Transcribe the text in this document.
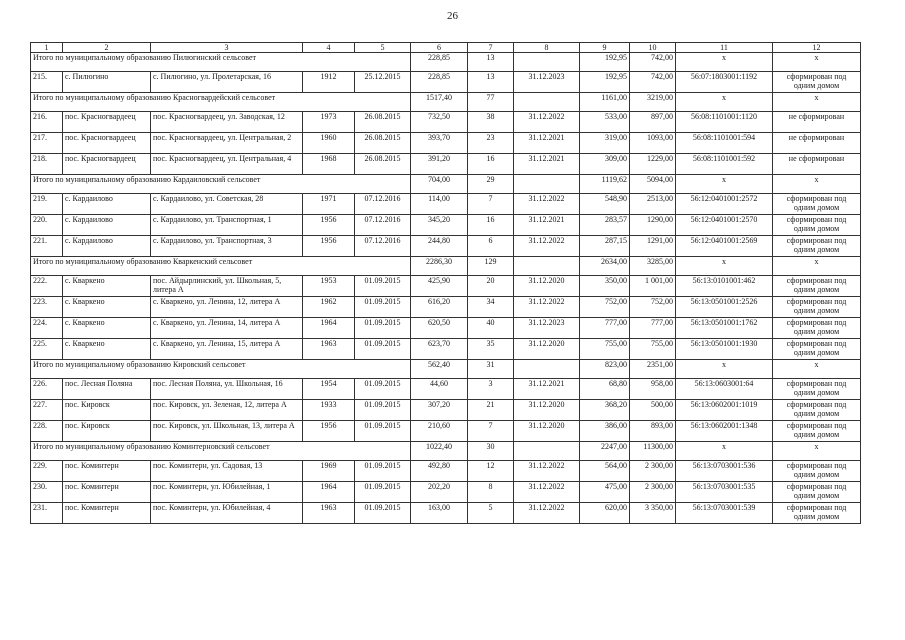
26
1	2	3	4	5	6	7	8	9	10	11	12
Итого по муниципальному образованию Пилюгинский сельсовет					228,85	13		192,95	742,00	x	x
215.	с. Пилюгино	с. Пилюгино, ул. Пролетарская, 16	1912	25.12.2015	228,85	13	31.12.2023	192,95	742,00	56:07:1803001:1192	сформирован под одним домом
Итого по муниципальному образованию Красногвардейский сельсовет					1517,40	77		1161,00	3219,00	x	x
216.	пос. Красногвардеец	пос. Красногвардеец, ул. Заводская, 12	1973	26.08.2015	732,50	38	31.12.2022	533,00	897,00	56:08:1101001:1120	не сформирован
217.	пос. Красногвардеец	пос. Красногвардеец, ул. Центральная, 2	1960	26.08.2015	393,70	23	31.12.2021	319,00	1093,00	56:08:1101001:594	не сформирован
218.	пос. Красногвардеец	пос. Красногвардеец, ул. Центральная, 4	1968	26.08.2015	391,20	16	31.12.2021	309,00	1229,00	56:08:1101001:592	не сформирован
Итого по муниципальному образованию Кардаиловский сельсовет					704,00	29		1119,62	5094,00	x	x
219.	с. Кардаилово	с. Кардаилово, ул. Советская, 28	1971	07.12.2016	114,00	7	31.12.2022	548,90	2513,00	56:12:0401001:2572	сформирован под одним домом
220.	с. Кардаилово	с. Кардаилово, ул. Транспортная, 1	1956	07.12.2016	345,20	16	31.12.2021	283,57	1290,00	56:12:0401001:2570	сформирован под одним домом
221.	с. Кардаилово	с. Кардаилово, ул. Транспортная, 3	1956	07.12.2016	244,80	6	31.12.2022	287,15	1291,00	56:12:0401001:2569	сформирован под одним домом
Итого по муниципальному образованию Кваркенский сельсовет					2286,30	129		2634,00	3285,00	x	x
222.	с. Кваркено	пос. Айдырлинский, ул. Школьная, 5, литера А	1953	01.09.2015	425,90	20	31.12.2020	350,00	1 001,00	56:13:0101001:462	сформирован под одним домом
223.	с. Кваркено	с. Кваркено, ул. Ленина, 12, литера А	1962	01.09.2015	616,20	34	31.12.2022	752,00	752,00	56:13:0501001:2526	сформирован под одним домом
224.	с. Кваркено	с. Кваркено, ул. Ленина, 14, литера А	1964	01.09.2015	620,50	40	31.12.2023	777,00	777,00	56:13:0501001:1762	сформирован под одним домом
225.	с. Кваркено	с. Кваркено, ул. Ленина, 15, литера А	1963	01.09.2015	623,70	35	31.12.2020	755,00	755,00	56:13:0501001:1930	сформирован под одним домом
Итого по муниципальному образованию Кировский сельсовет					562,40	31		823,00	2351,00	x	x
226.	пос. Лесная Поляна	пос. Лесная Поляна, ул. Школьная, 16	1954	01.09.2015	44,60	3	31.12.2021	68,80	958,00	56:13:0603001:64	сформирован под одним домом
227.	пос. Кировск	пос. Кировск, ул. Зеленая, 12, литера А	1933	01.09.2015	307,20	21	31.12.2020	368,20	500,00	56:13:0602001:1019	сформирован под одним домом
228.	пос. Кировск	пос. Кировск, ул. Школьная, 13, литера А	1956	01.09.2015	210,60	7	31.12.2020	386,00	893,00	56:13:0602001:1348	сформирован под одним домом
Итого по муниципальному образованию Коминтерновский сельсовет					1022,40	30		2247,00	11300,00	x	x
229.	пос. Коминтерн	пос. Коминтерн, ул. Садовая, 13	1969	01.09.2015	492,80	12	31.12.2022	564,00	2 300,00	56:13:0703001:536	сформирован под одним домом
230.	пос. Коминтерн	пос. Коминтерн, ул. Юбилейная, 1	1964	01.09.2015	202,20	8	31.12.2022	475,00	2 300,00	56:13:0703001:535	сформирован под одним домом
231.	пос. Коминтерн	пос. Коминтерн, ул. Юбилейная, 4	1963	01.09.2015	163,00	5	31.12.2022	620,00	3 350,00	56:13:0703001:539	сформирован под одним домом
